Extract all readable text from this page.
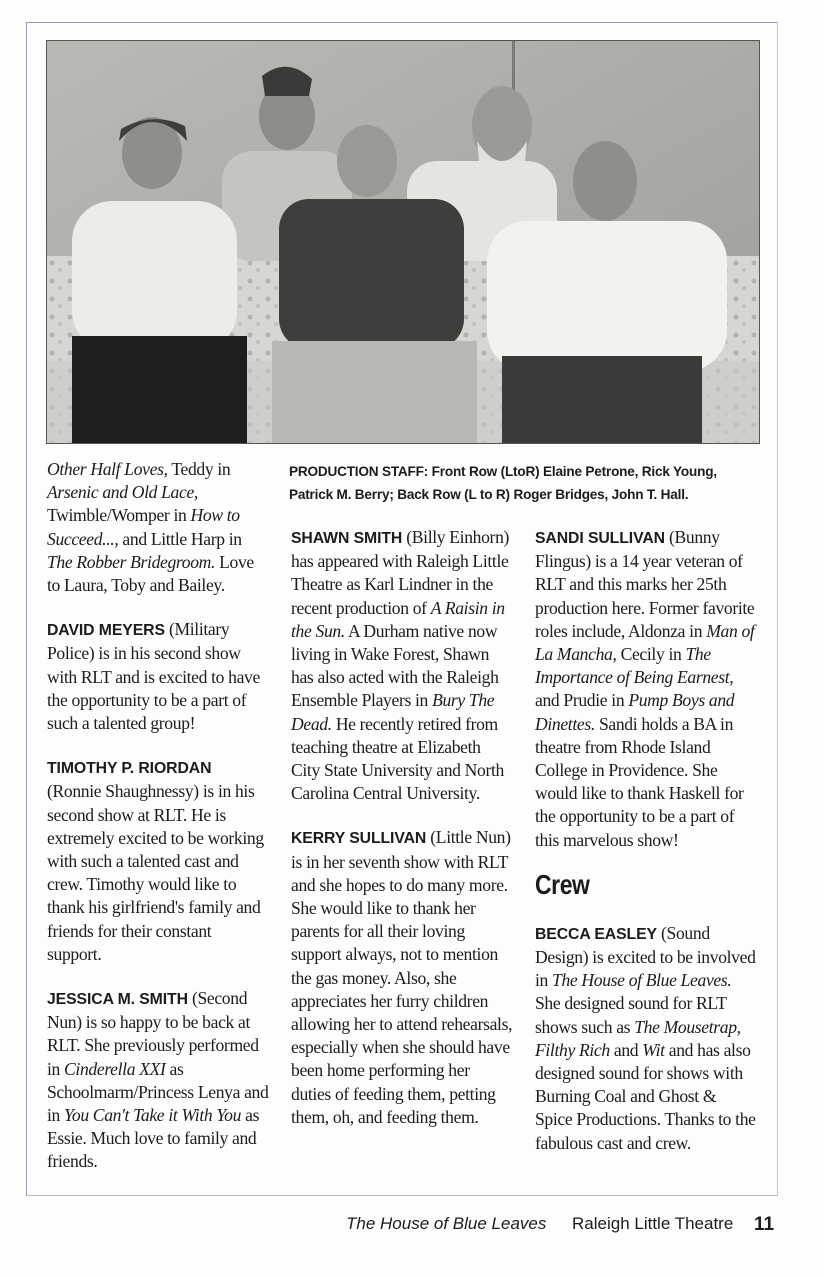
PRODUCTION STAFF: Front Row (LtoR) Elaine Petrone, Rick Young, Patrick M. Berry; Back Row (L to R) Roger Bridges, John T. Hall.

Other Half Loves, Teddy in Arsenic and Old Lace, Twimble/Womper in How to Succeed..., and Little Harp in The Robber Bridegroom. Love to Laura, Toby and Bailey.

DAVID MEYERS (Military Police) is in his second show with RLT and is excited to have the opportunity to be a part of such a talented group!

TIMOTHY P. RIORDAN (Ronnie Shaughnessy) is in his second show at RLT. He is extremely excited to be working with such a talented cast and crew. Timothy would like to thank his girlfriend's family and friends for their constant support.

JESSICA M. SMITH (Second Nun) is so happy to be back at RLT. She previously performed in Cinderella XXI as Schoolmarm/Princess Lenya and in You Can't Take it With You as Essie. Much love to family and friends.

SHAWN SMITH (Billy Einhorn) has appeared with Raleigh Little Theatre as Karl Lindner in the recent production of A Raisin in the Sun. A Durham native now living in Wake Forest, Shawn has also acted with the Raleigh Ensemble Players in Bury The Dead. He recently retired from teaching theatre at Elizabeth City State University and North Carolina Central University.

KERRY SULLIVAN (Little Nun) is in her seventh show with RLT and she hopes to do many more. She would like to thank her parents for all their loving support always, not to mention the gas money. Also, she appreciates her furry children allowing her to attend rehearsals, especially when she should have been home performing her duties of feeding them, petting them, oh, and feeding them.

SANDI SULLIVAN (Bunny Flingus) is a 14 year veteran of RLT and this marks her 25th production here. Former favorite roles include, Aldonza in Man of La Mancha, Cecily in The Importance of Being Earnest, and Prudie in Pump Boys and Dinettes. Sandi holds a BA in theatre from Rhode Island College in Providence. She would like to thank Haskell for the opportunity to be a part of this marvelous show!

Crew

BECCA EASLEY (Sound Design) is excited to be involved in The House of Blue Leaves. She designed sound for RLT shows such as The Mousetrap, Filthy Rich and Wit and has also designed sound for shows with Burning Coal and Ghost & Spice Productions. Thanks to the fabulous cast and crew.

The House of Blue Leaves Raleigh Little Theatre 11
